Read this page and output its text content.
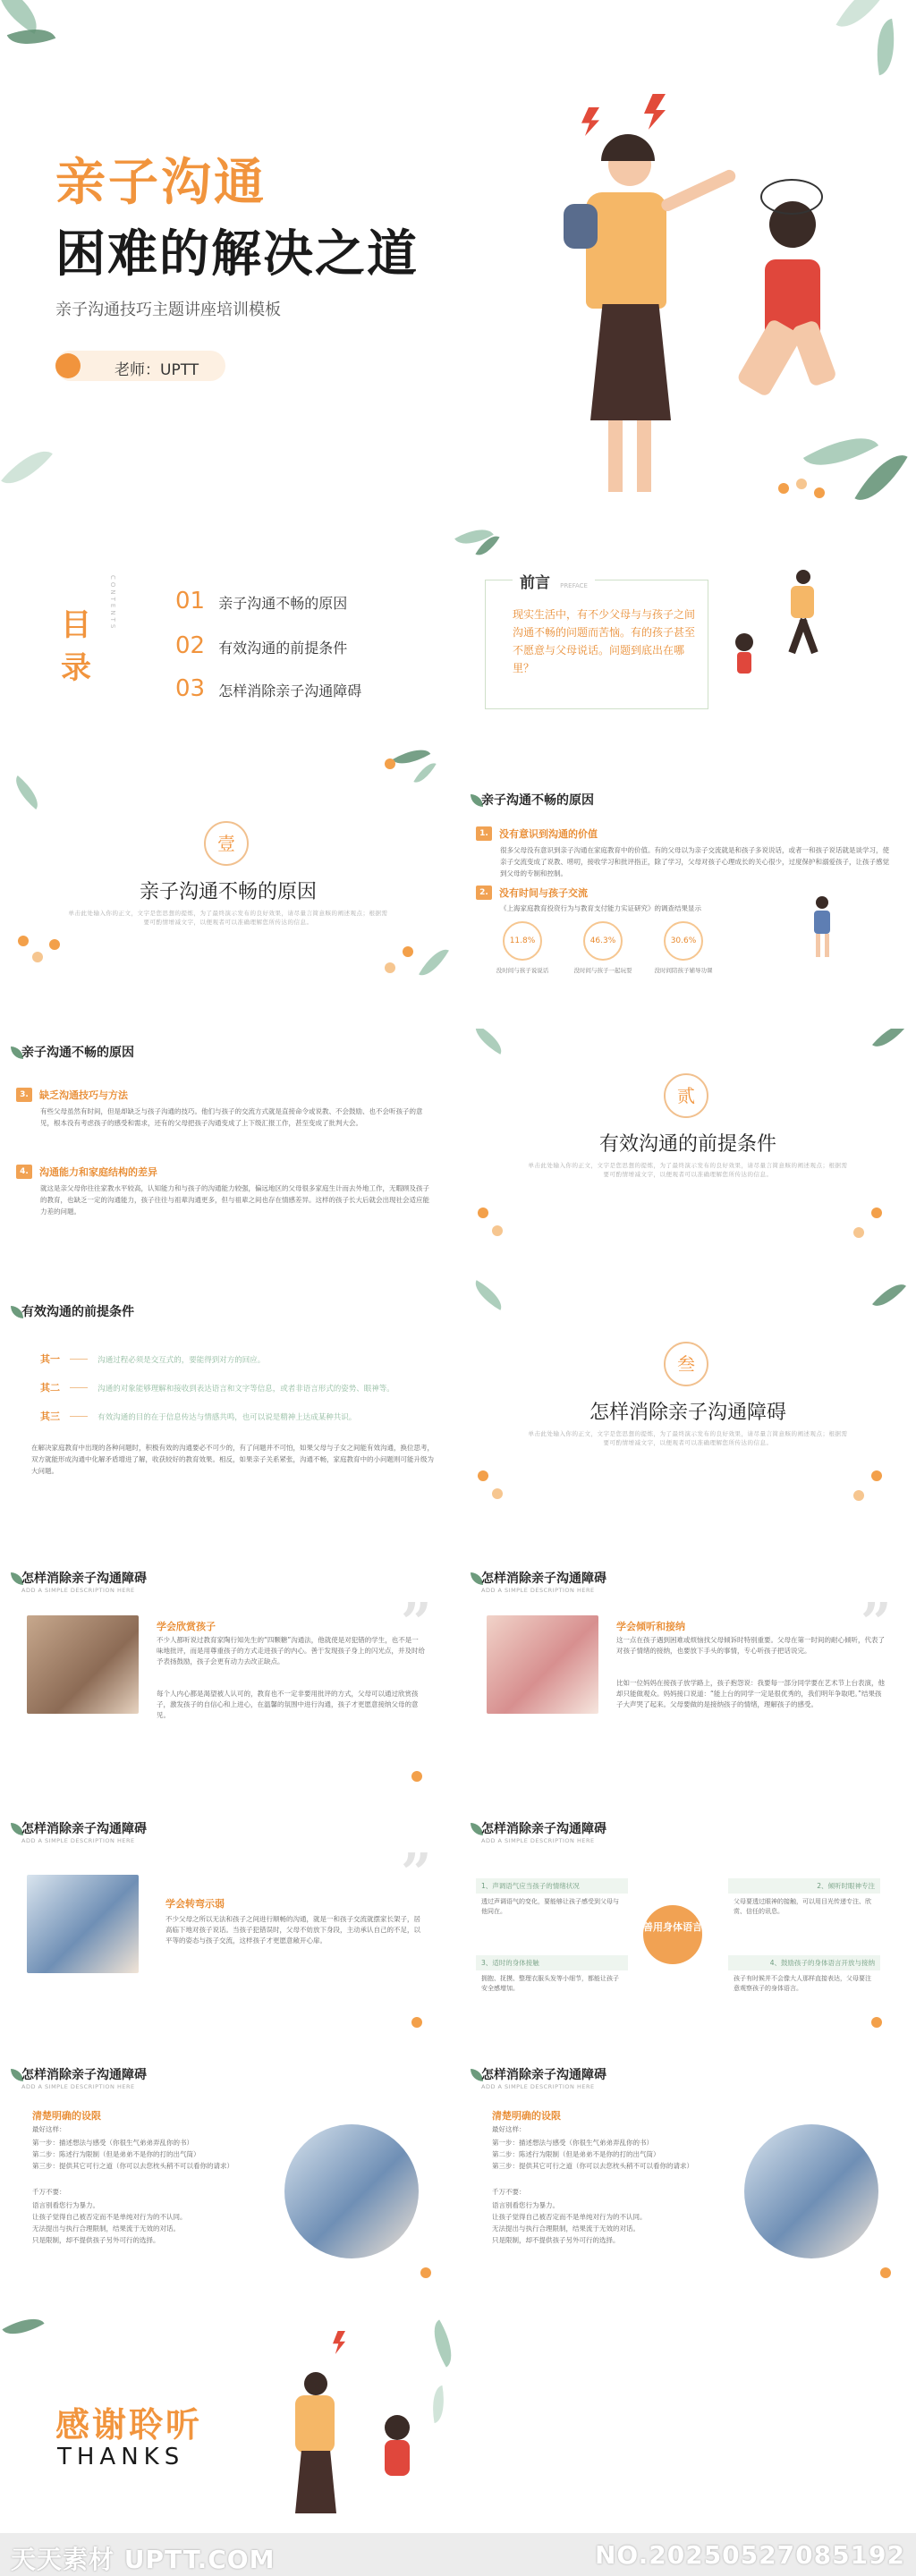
亲子沟通
困难的解决之道
亲子沟通技巧主题讲座培训模板
老师：UPTT
目录
CONTENTS	01 亲子沟通不畅的原因
02 有效沟通的前提条件
03 怎样消除亲子沟通障碍
前言 PREFACE
现实生活中，有不少父母与与孩子之间沟通不畅的问题而苦恼。有的孩子甚至不愿意与父母说话。问题到底出在哪里？
壹
亲子沟通不畅的原因
单击此处输入你的正文，文字是您思想的提炼，为了最终演示发布的良好效果，请尽量言简意赅的阐述观点；根据需要可酌情增减文字，以便观者可以准确理解您所传达的信息。
亲子沟通不畅的原因
1.	没有意识到沟通的价值
很多父母没有意识到亲子沟通在家庭教育中的价值。有的父母以为亲子交流就是和孩子多说说话，或者一和孩子说话就是谈学习，使亲子交流变成了说教、唠叨，接收学习和批评指正，除了学习，父母对孩子心理成长的关心很少，过度保护和溺爱孩子，让孩子感觉到父母的专制和控制。
2.	没有时间与孩子交流
《上海家庭教育投资行为与教育支付能力实证研究》的调查结果显示
11.8%
没时间与孩子说说话
46.3%
没时间与孩子一起玩耍
30.6%
没时间陪孩子辅导功课
亲子沟通不畅的原因
3.	缺乏沟通技巧与方法
有些父母虽然有时间，但是却缺乏与孩子沟通的技巧。他们与孩子的交流方式就是直接命令或说教、不会鼓励、也不会听孩子的意见，根本没有考虑孩子的感受和需求，还有的父母把孩子沟通变成了上下级汇报工作，甚至变成了批判大会。
4.	沟通能力和家庭结构的差异
就这是亲父母你往往家教水平较高，认知能力和与孩子的沟通能力较强，偏远地区的父母很多家庭生计而去外地工作，无暇顾及孩子的教育，也缺乏一定的沟通能力，孩子往往与祖辈沟通更多，但与祖辈之间也存在情感差异。这样的孩子长大后就会出现社会适应能力差的问题。
贰
有效沟通的前提条件
单击此处输入你的正文，文字是您思想的提炼，为了最终演示发布的良好效果，请尽量言简意赅的阐述观点；根据需要可酌情增减文字，以便观者可以准确理解您所传达的信息。
有效沟通的前提条件
其一	沟通过程必须是交互式的，要能得到对方的回应。
其二	沟通的对象能够理解和接收到表达语言和文字等信息，或者非语言形式的姿势、眼神等。
其三	有效沟通的目的在于信息传达与情感共鸣，也可以说是精神上达成某种共识。
在解决家庭教育中出现的各种问题时，积极有效的沟通要必不可少的，有了问题并不可怕，如果父母与子女之间能有效沟通，换位思考，双方就能形成沟通中化解矛盾增进了解，收获较好的教育效果。相反，如果亲子关系紧张，沟通不畅，家庭教育中的小问题则可能升级为大问题。
叁
怎样消除亲子沟通障碍
单击此处输入你的正文，文字是您思想的提炼，为了最终演示发布的良好效果，请尽量言简意赅的阐述观点；根据需要可酌情增减文字，以便观者可以准确理解您所传达的信息。
怎样消除亲子沟通障碍
ADD A SIMPLE DESCRIPTION HERE
”
学会欣赏孩子
不少人都听说过教育家陶行知先生的“四颗糖”沟通法，他就使是对犯错的学生，也不是一味地批评，而是用尊重孩子的方式走进孩子的内心。善于发现孩子身上的闪光点，并及时给予表扬鼓励，孩子会更有动力去改正缺点。
每个人内心都是渴望被人认可的，教育也不一定非要用批评的方式，父母可以通过欣赏孩子，激发孩子的自信心和上进心，在温馨的氛围中进行沟通，孩子才更愿意接纳父母的意见。
怎样消除亲子沟通障碍
ADD A SIMPLE DESCRIPTION HERE
”
学会倾听和接纳
这一点在孩子遇到困难或烦恼找父母倾诉时特别重要。父母在第一时间的耐心倾听，代表了对孩子情绪的接纳，也要放下手头的事情，专心听孩子把话说完。
比如一位妈妈在接孩子放学路上，孩子抱怨说：我要每一部分同学要在艺术节上台表演，他却只能做观众。妈妈接口说道：“能上台的同学一定是很优秀的，我们明年争取吧。”结果孩子大声哭了起来。父母要做的是接纳孩子的情绪，理解孩子的感受。
怎样消除亲子沟通障碍
ADD A SIMPLE DESCRIPTION HERE
”
学会转弯示弱
不少父母之所以无法和孩子之间进行顺畅的沟通，就是一和孩子交流就摆家长架子，居高临下地对孩子说话。当孩子犯错误时，父母不妨放下身段，主动承认自己的不足，以平等的姿态与孩子交流，这样孩子才更愿意敞开心扉。
怎样消除亲子沟通障碍
ADD A SIMPLE DESCRIPTION HERE
善用身体语言
1、声调语气应当孩子的情绪状况
透过声调语气的变化，要能够让孩子感受到父母与他同在。
2、倾听时眼神专注
父母要透过眼神的接触，可以用目光传递专注、欣赏、信任的讯息。
3、适时的身体接触
拥抱、抚摸、整理衣服头发等小细节，都能让孩子安全感增加。
4、鼓励孩子的身体语言开放与接纳
孩子有时候并不会像大人那样直接表达，父母要注意观察孩子的身体语言。
怎样消除亲子沟通障碍
ADD A SIMPLE DESCRIPTION HERE
清楚明确的设限
最好这样：
第一步：描述想法与感受（你很生气弟弟弄乱你的书）
第二步：陈述行为限制（但是弟弟不是你的打的出气筒）
第三步：提供其它可行之道（你可以去您枕头稍不可以看你的请求）
千万不要：
语言别看您行为暴力。
让孩子觉得自己被否定而不是单纯对行为的不认同。
无法提出与执行合理限制，结果流于无效的对话。
只是限制，却不提供孩子另外可行的选择。
怎样消除亲子沟通障碍
ADD A SIMPLE DESCRIPTION HERE
清楚明确的设限
最好这样：
第一步：描述想法与感受（你很生气弟弟弄乱你的书）
第二步：陈述行为限制（但是弟弟不是你的打的出气筒）
第三步：提供其它可行之道（你可以去您枕头稍不可以看你的请求）
千万不要：
语言别看您行为暴力。
让孩子觉得自己被否定而不是单纯对行为的不认同。
无法提出与执行合理限制，结果流于无效的对话。
只是限制，却不提供孩子另外可行的选择。
感谢聆听
THANKS
天天素材 UPTT.COM	NO.20250527085192
